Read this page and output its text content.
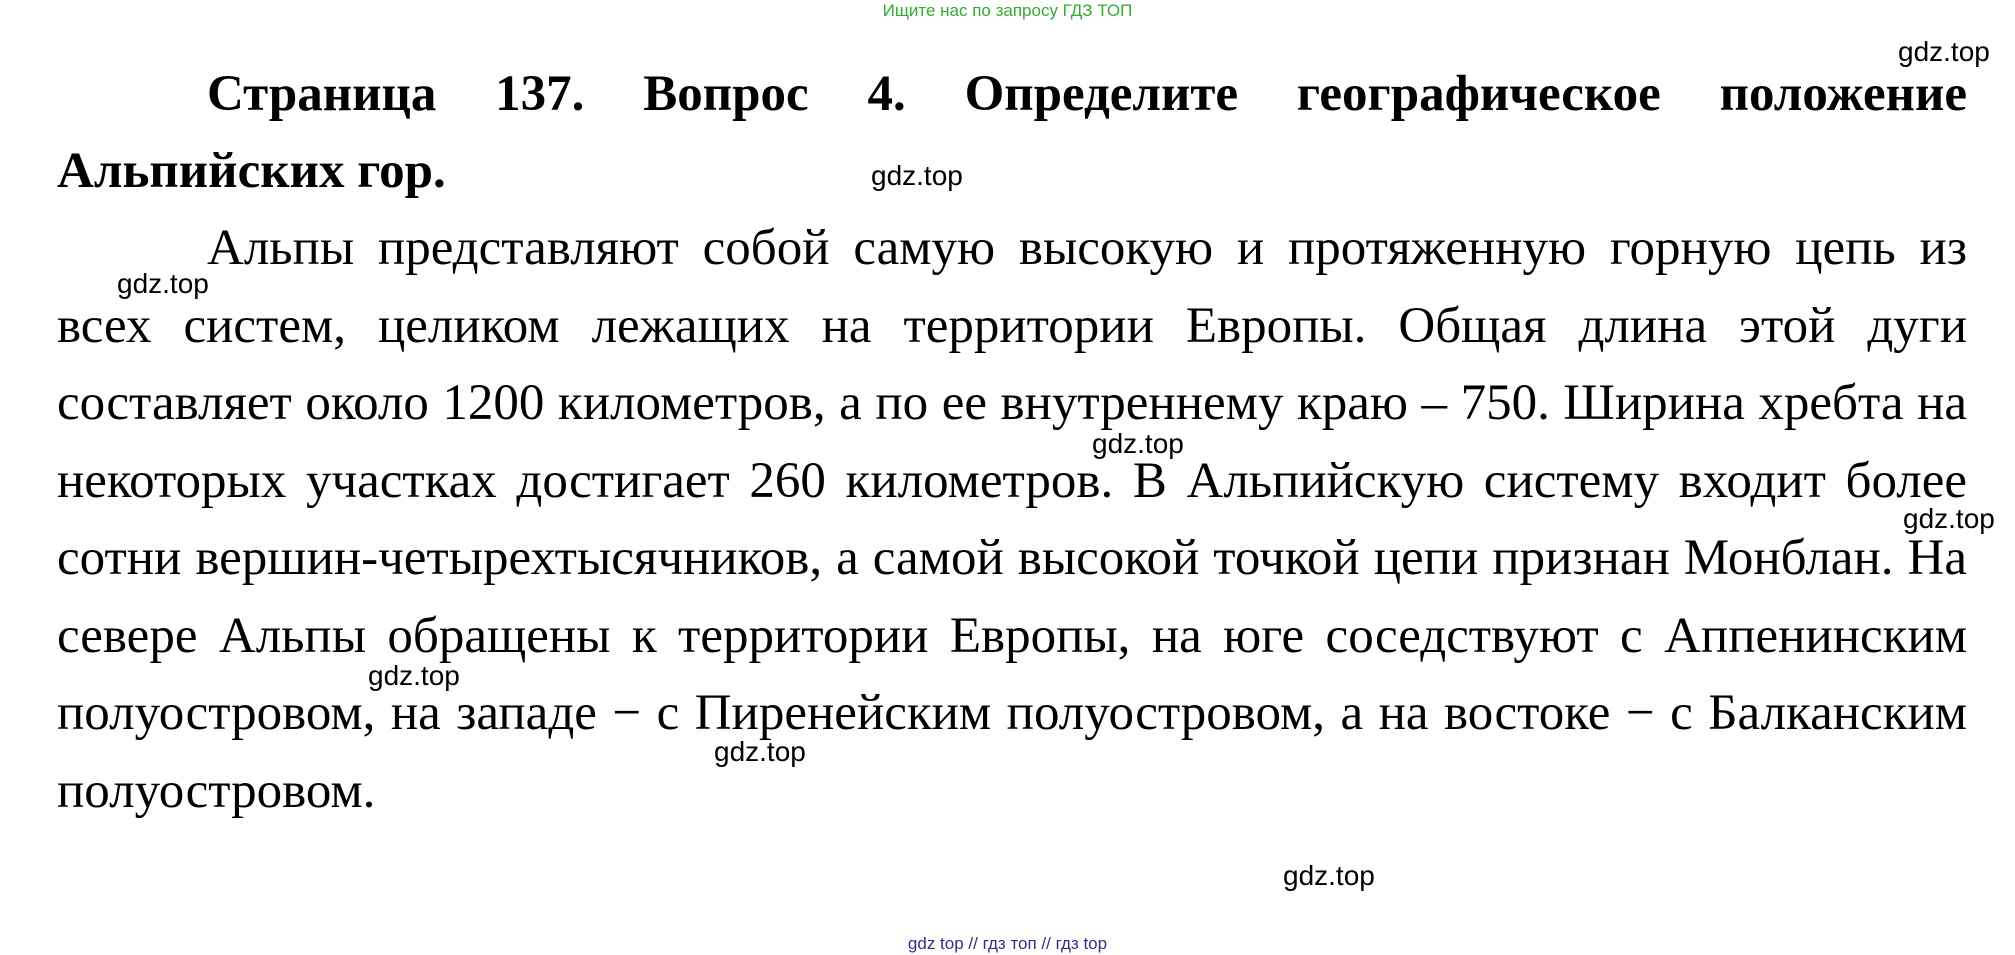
Ищите нас по запросу ГДЗ ТОП

Страница 137. Вопрос 4. Определите географическое положение Альпийских гор.

Альпы представляют собой самую высокую и протяженную горную цепь из всех систем, целиком лежащих на территории Европы. Общая длина этой дуги составляет около 1200 километров, а по ее внутреннему краю – 750. Ширина хребта на некоторых участках достигает 260 километров. В Альпийскую систему входит более сотни вершин-четырехтысячников, а самой высокой точкой цепи признан Монблан. На севере Альпы обращены к территории Европы, на юге соседствуют с Аппенинским полуостровом, на западе − с Пиренейским полуостровом, а на востоке − с Балканским полуостровом.

gdz.top
gdz.top
gdz.top
gdz.top
gdz.top
gdz.top
gdz.top
gdz.top
gdz top // гдз топ // гдз top
